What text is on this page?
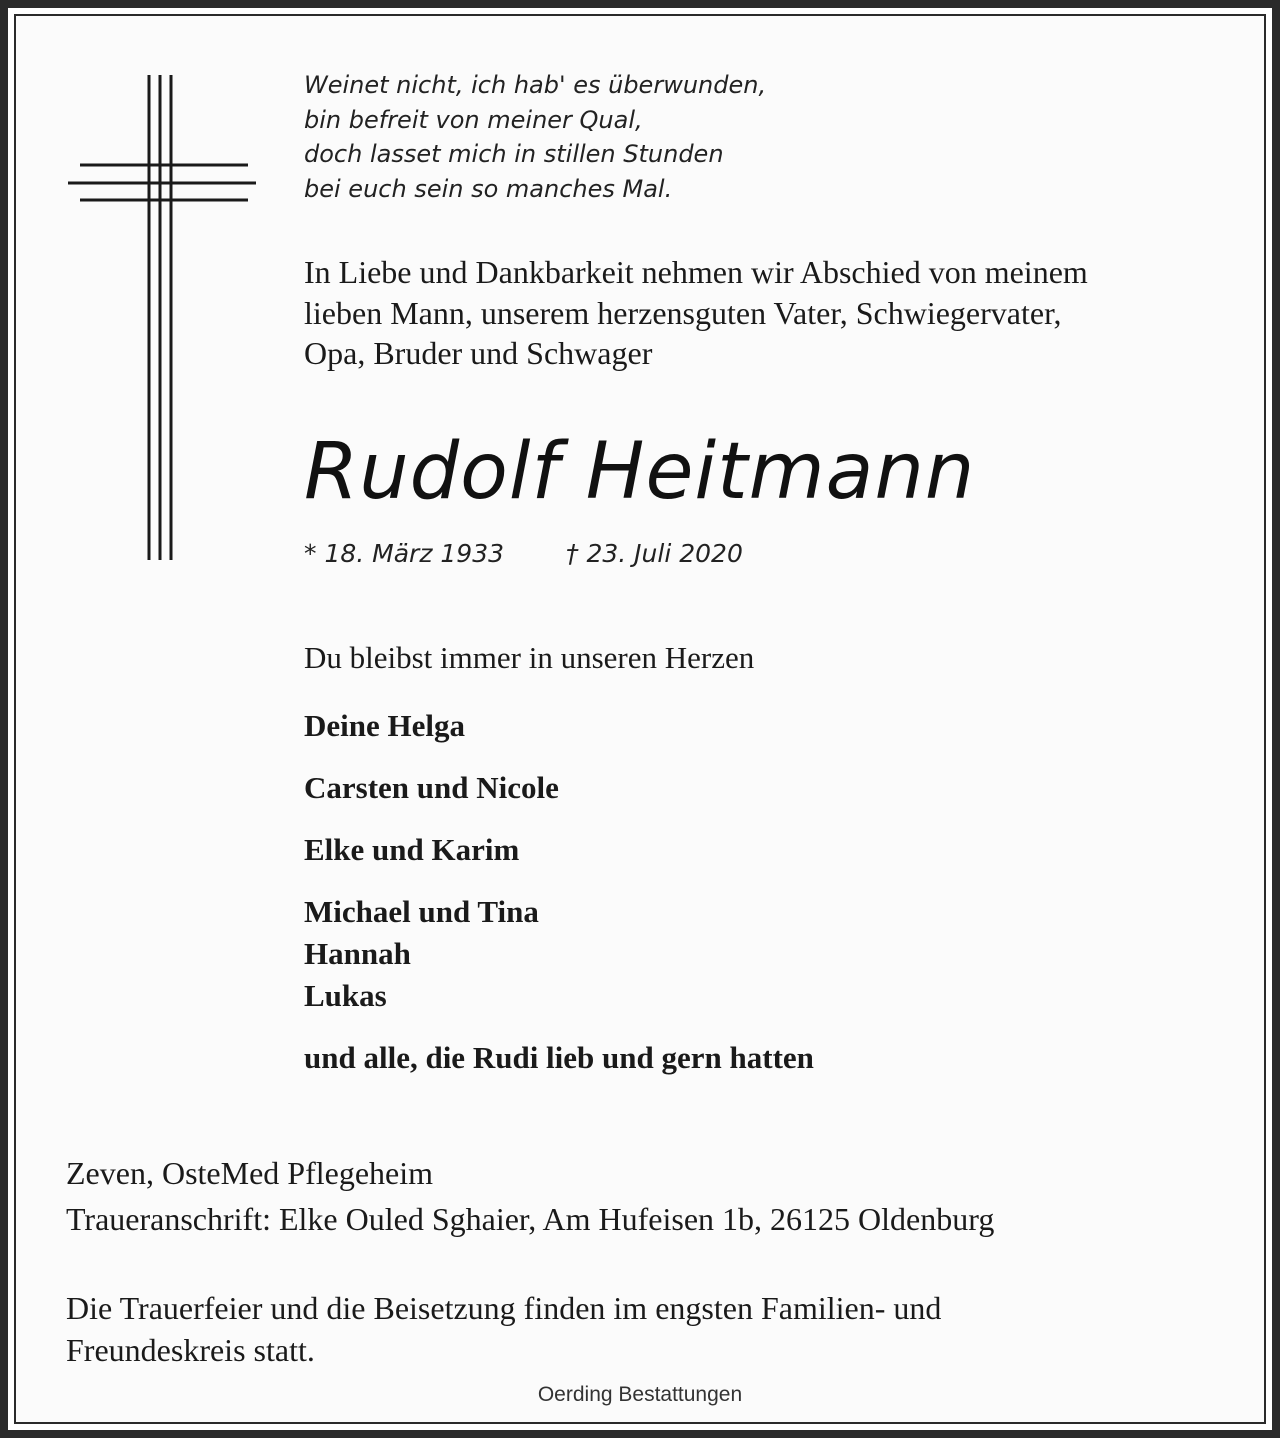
Weinet nicht, ich hab' es überwunden,
bin befreit von meiner Qual,
doch lasset mich in stillen Stunden
bei euch sein so manches Mal.
In Liebe und Dankbarkeit nehmen wir Abschied von meinem
lieben Mann, unserem herzensguten Vater, Schwiegervater,
Opa, Bruder und Schwager
Rudolf Heitmann
* 18. März 1933 † 23. Juli 2020
Du bleibst immer in unseren Herzen
Deine Helga
Carsten und Nicole
Elke und Karim
Michael und Tina
Hannah
Lukas
und alle, die Rudi lieb und gern hatten
Zeven, OsteMed Pflegeheim
Traueranschrift: Elke Ouled Sghaier, Am Hufeisen 1b, 26125 Oldenburg
Die Trauerfeier und die Beisetzung finden im engsten Familien- und
Freundeskreis statt.
Oerding Bestattungen
